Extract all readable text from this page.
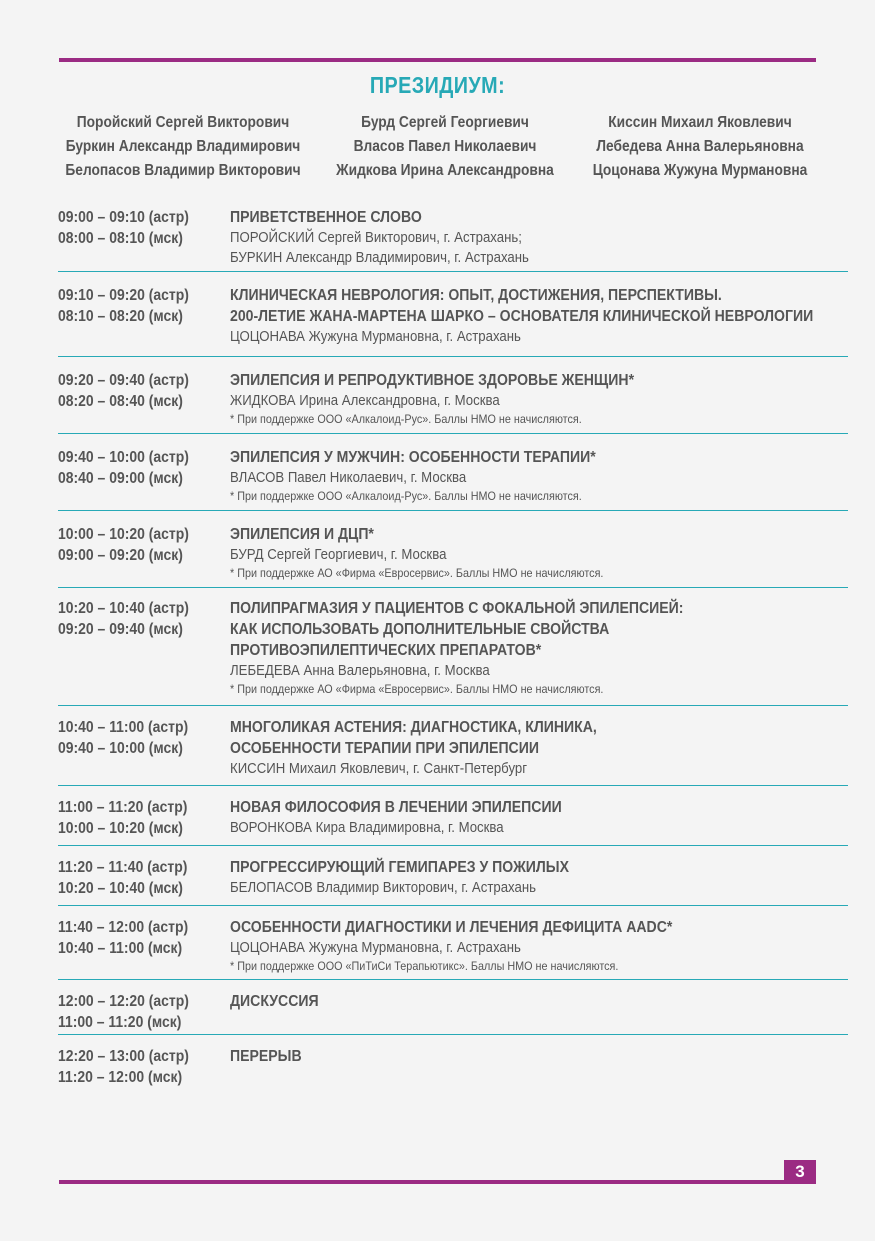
ПРЕЗИДИУМ:
Поройский Сергей Викторович
Буркин Александр Владимирович
Белопасов Владимир Викторович
Бурд Сергей Георгиевич
Власов Павел Николаевич
Жидкова Ирина Александровна
Киссин Михаил Яковлевич
Лебедева Анна Валерьяновна
Цоцонава Жужуна Мурмановна
09:00 – 09:10 (астр)
08:00 – 08:10 (мск)
ПРИВЕТСТВЕННОЕ СЛОВО
ПОРОЙСКИЙ Сергей Викторович, г. Астрахань;
БУРКИН Александр Владимирович, г. Астрахань
09:10 – 09:20 (астр)
08:10 – 08:20 (мск)
КЛИНИЧЕСКАЯ НЕВРОЛОГИЯ: ОПЫТ, ДОСТИЖЕНИЯ, ПЕРСПЕКТИВЫ.
200-ЛЕТИЕ ЖАНА-МАРТЕНА ШАРКО – ОСНОВАТЕЛЯ КЛИНИЧЕСКОЙ НЕВРОЛОГИИ
ЦОЦОНАВА Жужуна Мурмановна, г. Астрахань
09:20 – 09:40 (астр)
08:20 – 08:40 (мск)
ЭПИЛЕПСИЯ И РЕПРОДУКТИВНОЕ ЗДОРОВЬЕ ЖЕНЩИН*
ЖИДКОВА Ирина Александровна, г. Москва
* При поддержке ООО «Алкалоид-Рус». Баллы НМО не начисляются.
09:40 – 10:00 (астр)
08:40 – 09:00 (мск)
ЭПИЛЕПСИЯ У МУЖЧИН: ОСОБЕННОСТИ ТЕРАПИИ*
ВЛАСОВ Павел Николаевич, г. Москва
* При поддержке ООО «Алкалоид-Рус». Баллы НМО не начисляются.
10:00 – 10:20 (астр)
09:00 – 09:20 (мск)
ЭПИЛЕПСИЯ И ДЦП*
БУРД Сергей Георгиевич, г. Москва
* При поддержке АО «Фирма «Евросервис». Баллы НМО не начисляются.
10:20 – 10:40 (астр)
09:20 – 09:40 (мск)
ПОЛИПРАГМАЗИЯ У ПАЦИЕНТОВ С ФОКАЛЬНОЙ ЭПИЛЕПСИЕЙ:
КАК ИСПОЛЬЗОВАТЬ ДОПОЛНИТЕЛЬНЫЕ СВОЙСТВА
ПРОТИВОЭПИЛЕПТИЧЕСКИХ ПРЕПАРАТОВ*
ЛЕБЕДЕВА Анна Валерьяновна, г. Москва
* При поддержке АО «Фирма «Евросервис». Баллы НМО не начисляются.
10:40 – 11:00 (астр)
09:40 – 10:00 (мск)
МНОГОЛИКАЯ АСТЕНИЯ: ДИАГНОСТИКА, КЛИНИКА,
ОСОБЕННОСТИ ТЕРАПИИ ПРИ ЭПИЛЕПСИИ
КИССИН Михаил Яковлевич, г. Санкт-Петербург
11:00 – 11:20 (астр)
10:00 – 10:20 (мск)
НОВАЯ ФИЛОСОФИЯ В ЛЕЧЕНИИ ЭПИЛЕПСИИ
ВОРОНКОВА Кира Владимировна, г. Москва
11:20 – 11:40 (астр)
10:20 – 10:40 (мск)
ПРОГРЕССИРУЮЩИЙ ГЕМИПАРЕЗ У ПОЖИЛЫХ
БЕЛОПАСОВ Владимир Викторович, г. Астрахань
11:40 – 12:00 (астр)
10:40 – 11:00 (мск)
ОСОБЕННОСТИ ДИАГНОСТИКИ И ЛЕЧЕНИЯ ДЕФИЦИТА AADC*
ЦОЦОНАВА Жужуна Мурмановна, г. Астрахань
* При поддержке ООО «ПиТиСи Терапьютикс». Баллы НМО не начисляются.
12:00 – 12:20 (астр)
11:00 – 11:20 (мск)
ДИСКУССИЯ
12:20 – 13:00 (астр)
11:20 – 12:00 (мск)
ПЕРЕРЫВ
3
